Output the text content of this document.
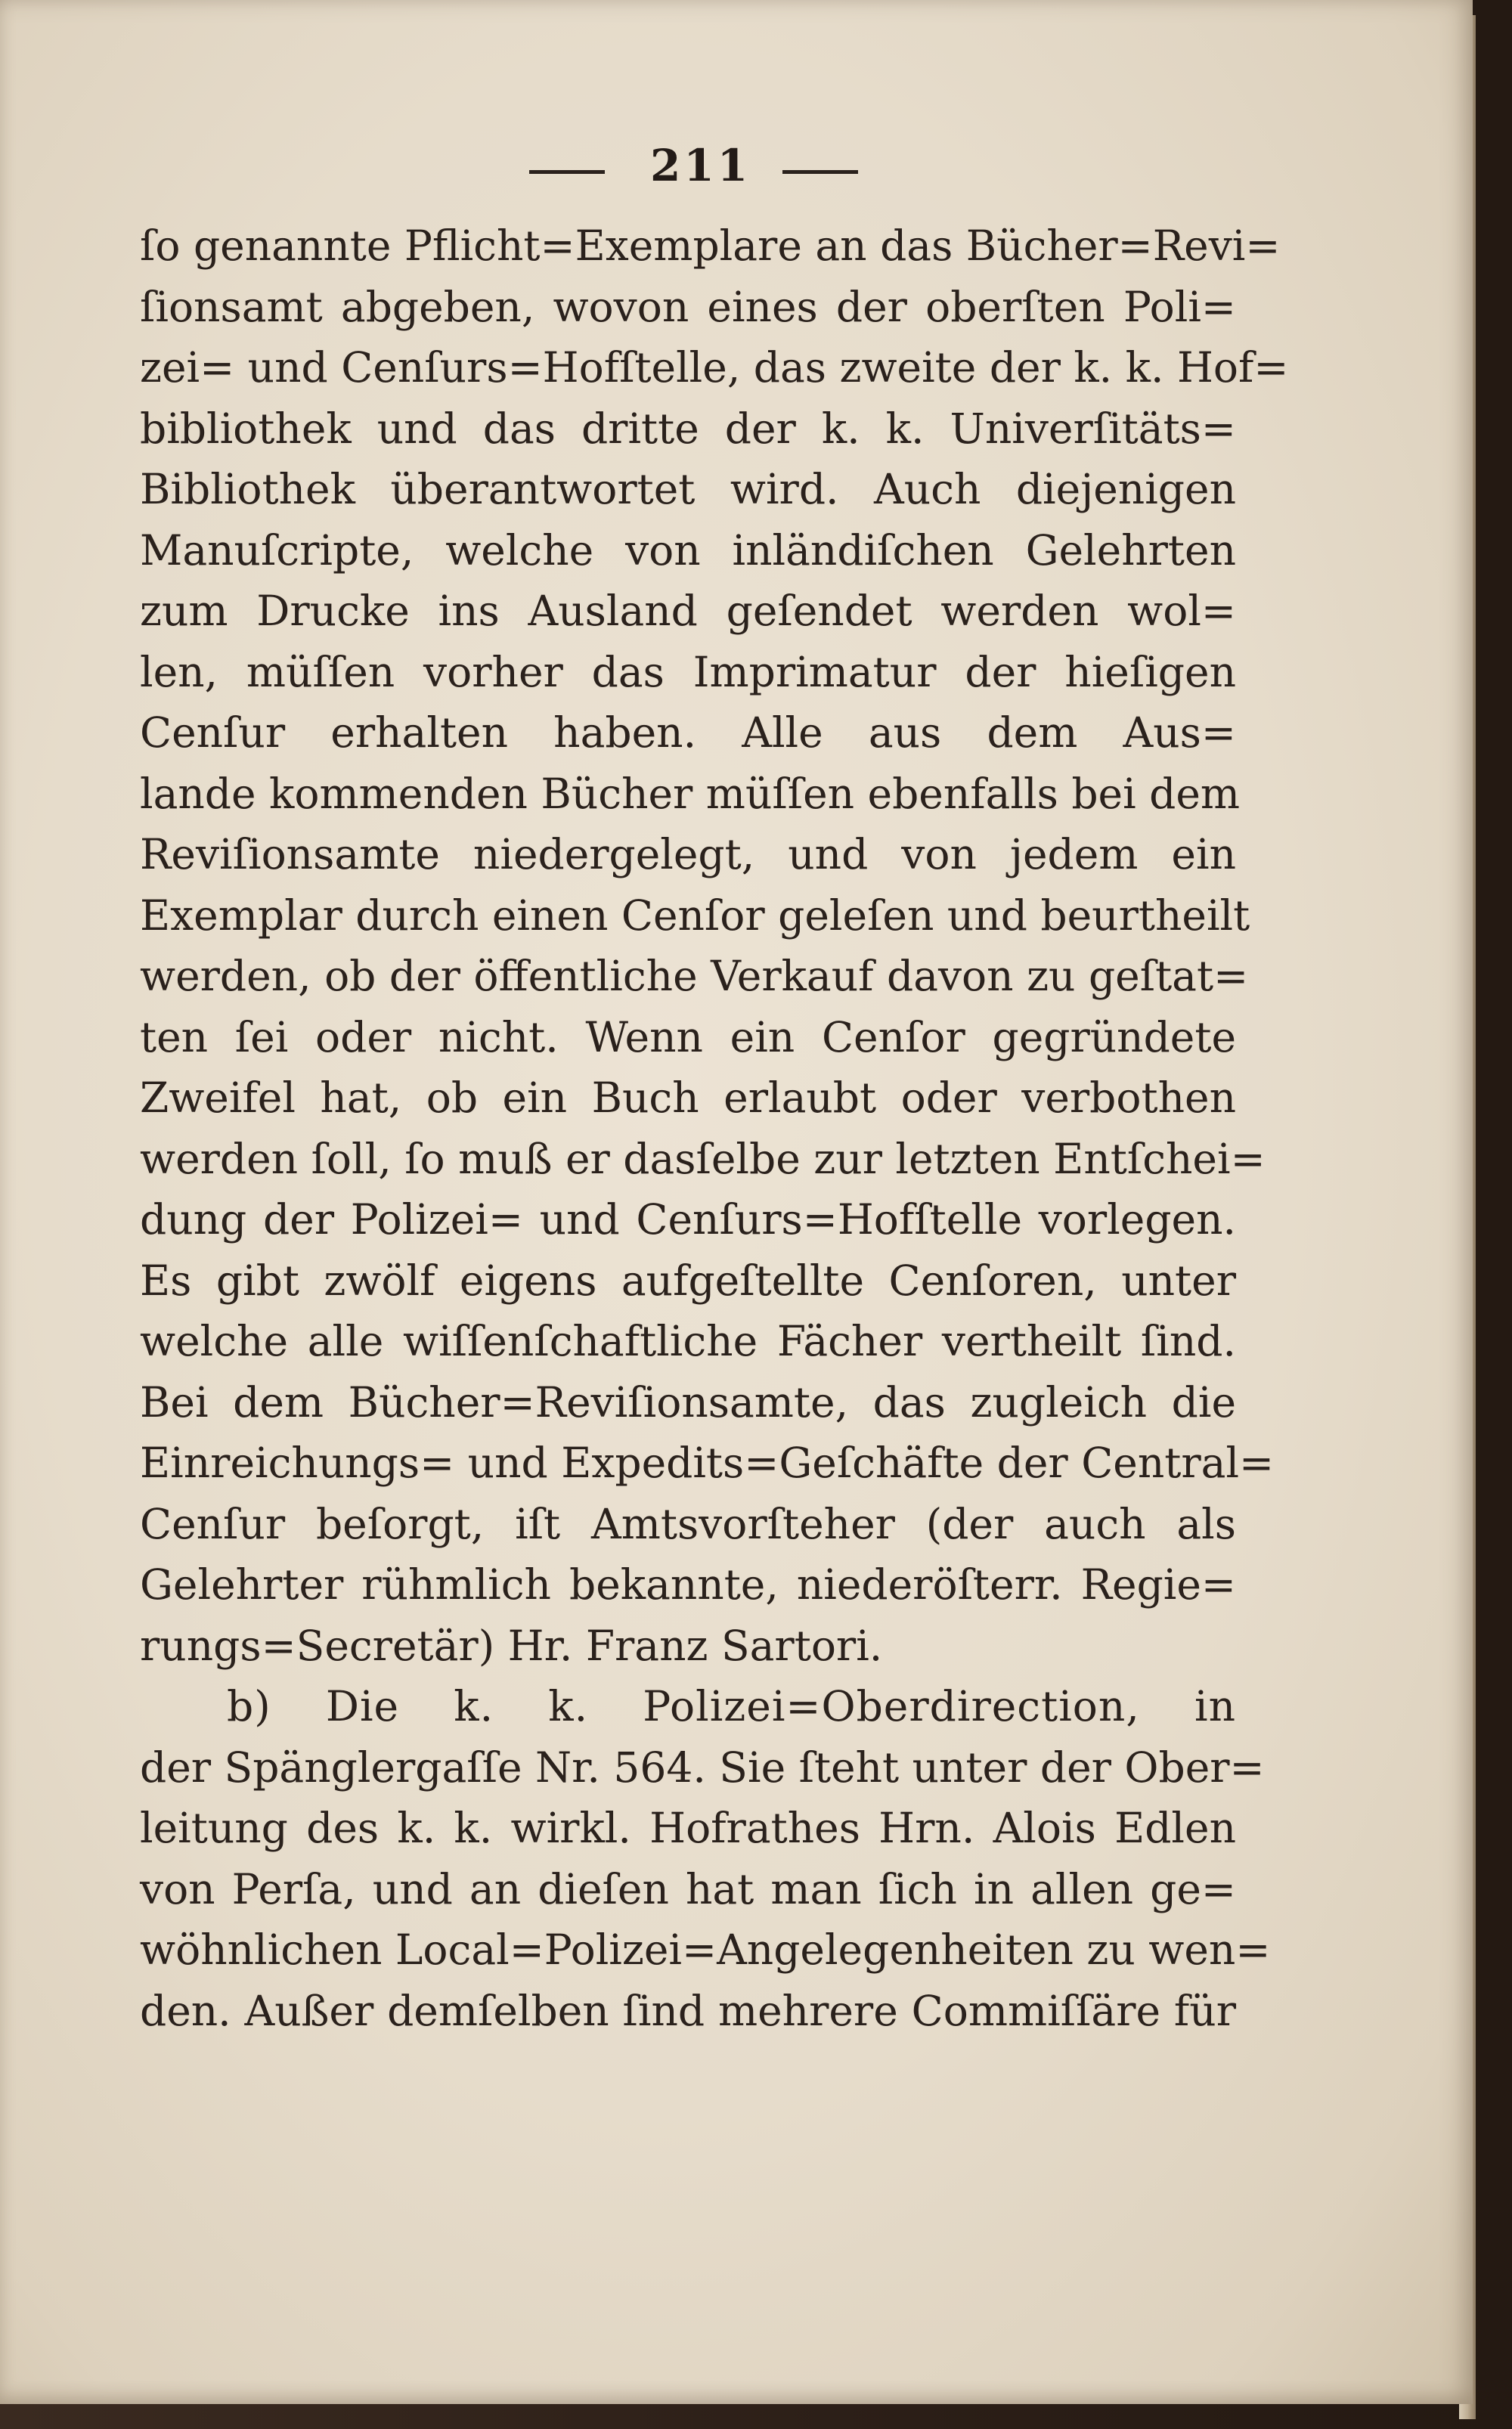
211
ſo genannte Pflicht=Exemplare an das Bücher=Revi=
ſionsamt abgeben, wovon eines der oberſten Poli=
zei= und Cenſurs=Hofſtelle, das zweite der k. k. Hof=
bibliothek und das dritte der k. k. Univerſitäts=
Bibliothek überantwortet wird. Auch diejenigen
Manuſcripte, welche von inländiſchen Gelehrten
zum Drucke ins Ausland geſendet werden wol=
len, müſſen vorher das Imprimatur der hieſigen
Cenſur erhalten haben. Alle aus dem Aus=
lande kommenden Bücher müſſen ebenfalls bei dem
Reviſionsamte niedergelegt, und von jedem ein
Exemplar durch einen Cenſor geleſen und beurtheilt
werden, ob der öffentliche Verkauf davon zu geſtat=
ten ſei oder nicht. Wenn ein Cenſor gegründete
Zweifel hat, ob ein Buch erlaubt oder verbothen
werden ſoll, ſo muß er dasſelbe zur letzten Entſchei=
dung der Polizei= und Cenſurs=Hofſtelle vorlegen.
Es gibt zwölf eigens aufgeſtellte Cenſoren, unter
welche alle wiſſenſchaftliche Fächer vertheilt ſind.
Bei dem Bücher=Reviſionsamte, das zugleich die
Einreichungs= und Expedits=Geſchäfte der Central=
Cenſur beſorgt, iſt Amtsvorſteher (der auch als
Gelehrter rühmlich bekannte, niederöſterr. Regie=
rungs=Secretär) Hr. Franz Sartori.
b) Die k. k. Polizei=Oberdirection, in
der Spänglergaſſe Nr. 564. Sie ſteht unter der Ober=
leitung des k. k. wirkl. Hofrathes Hrn. Alois Edlen
von Perſa, und an dieſen hat man ſich in allen ge=
wöhnlichen Local=Polizei=Angelegenheiten zu wen=
den. Außer demſelben ſind mehrere Commiſſäre für
